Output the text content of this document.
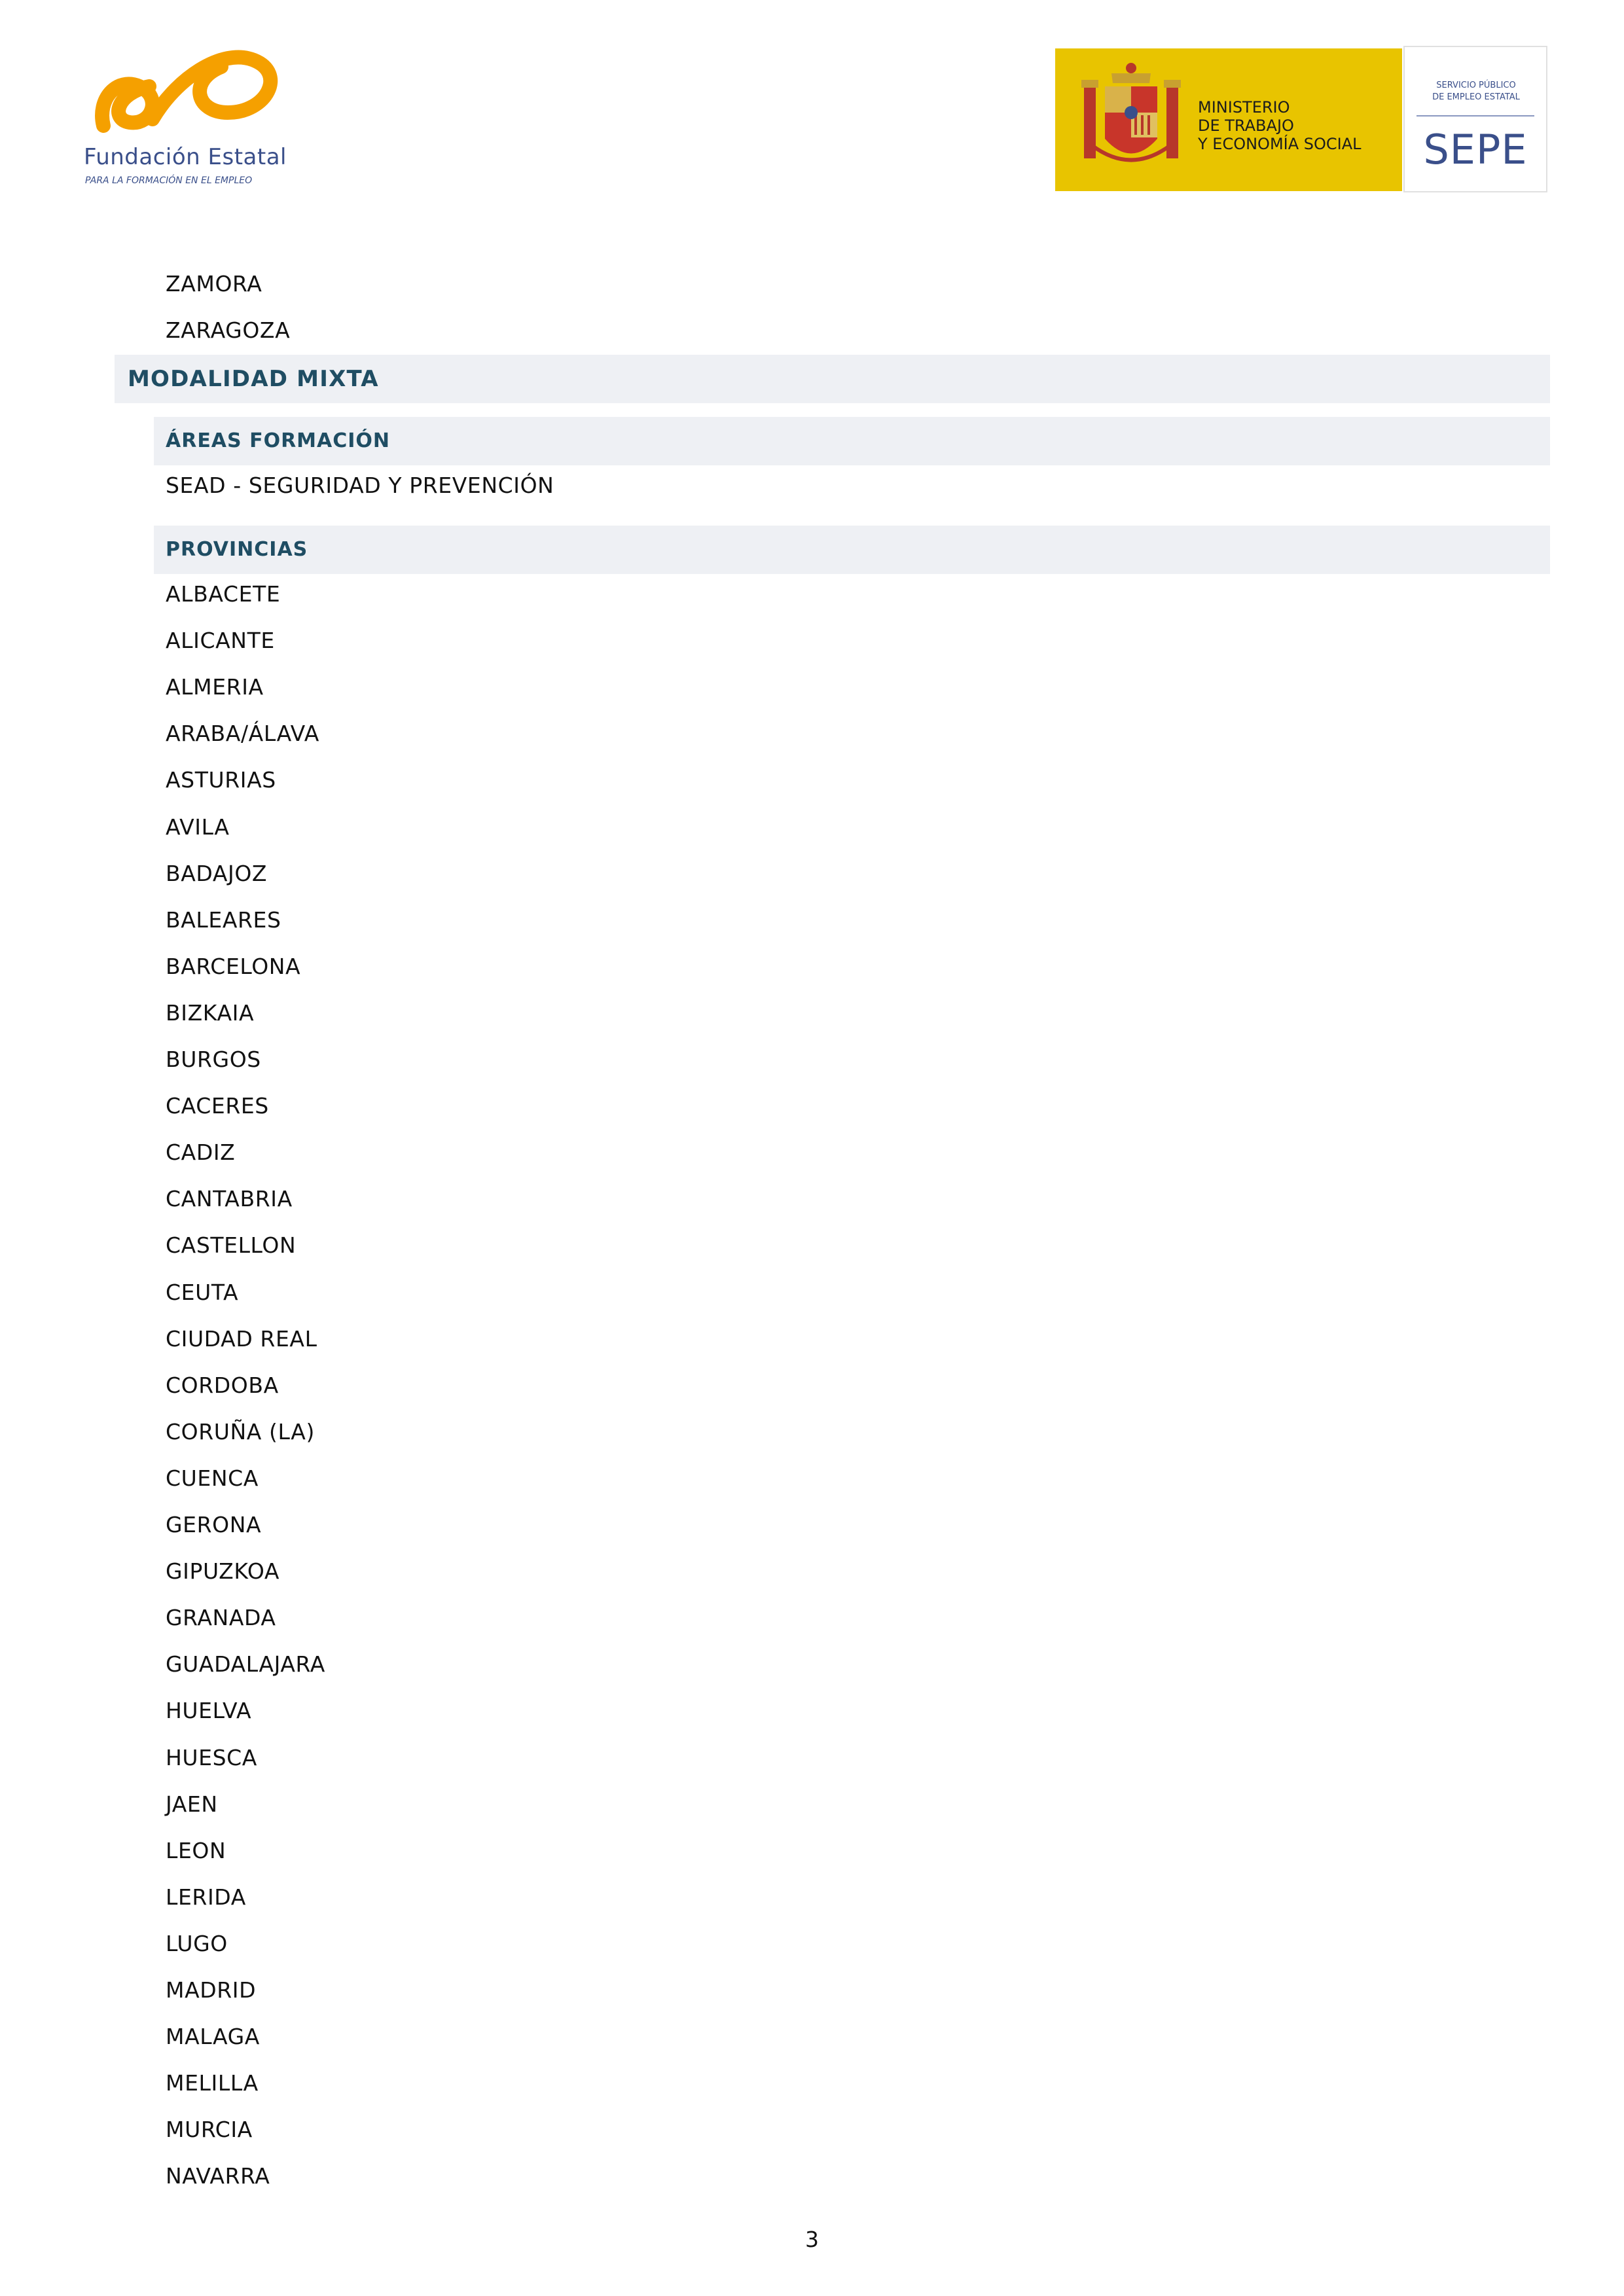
Fundación Estatal
PARA LA FORMACIÓN EN EL EMPLEO
MINISTERIO
DE TRABAJO
Y ECONOMÍA SOCIAL
SERVICIO PÚBLICO
DE EMPLEO ESTATAL
SEPE
ZAMORA
ZARAGOZA
MODALIDAD MIXTA
ÁREAS FORMACIÓN
SEAD - SEGURIDAD Y PREVENCIÓN
PROVINCIAS
ALBACETE
ALICANTE
ALMERIA
ARABA/ÁLAVA
ASTURIAS
AVILA
BADAJOZ
BALEARES
BARCELONA
BIZKAIA
BURGOS
CACERES
CADIZ
CANTABRIA
CASTELLON
CEUTA
CIUDAD REAL
CORDOBA
CORUÑA (LA)
CUENCA
GERONA
GIPUZKOA
GRANADA
GUADALAJARA
HUELVA
HUESCA
JAEN
LEON
LERIDA
LUGO
MADRID
MALAGA
MELILLA
MURCIA
NAVARRA
3
